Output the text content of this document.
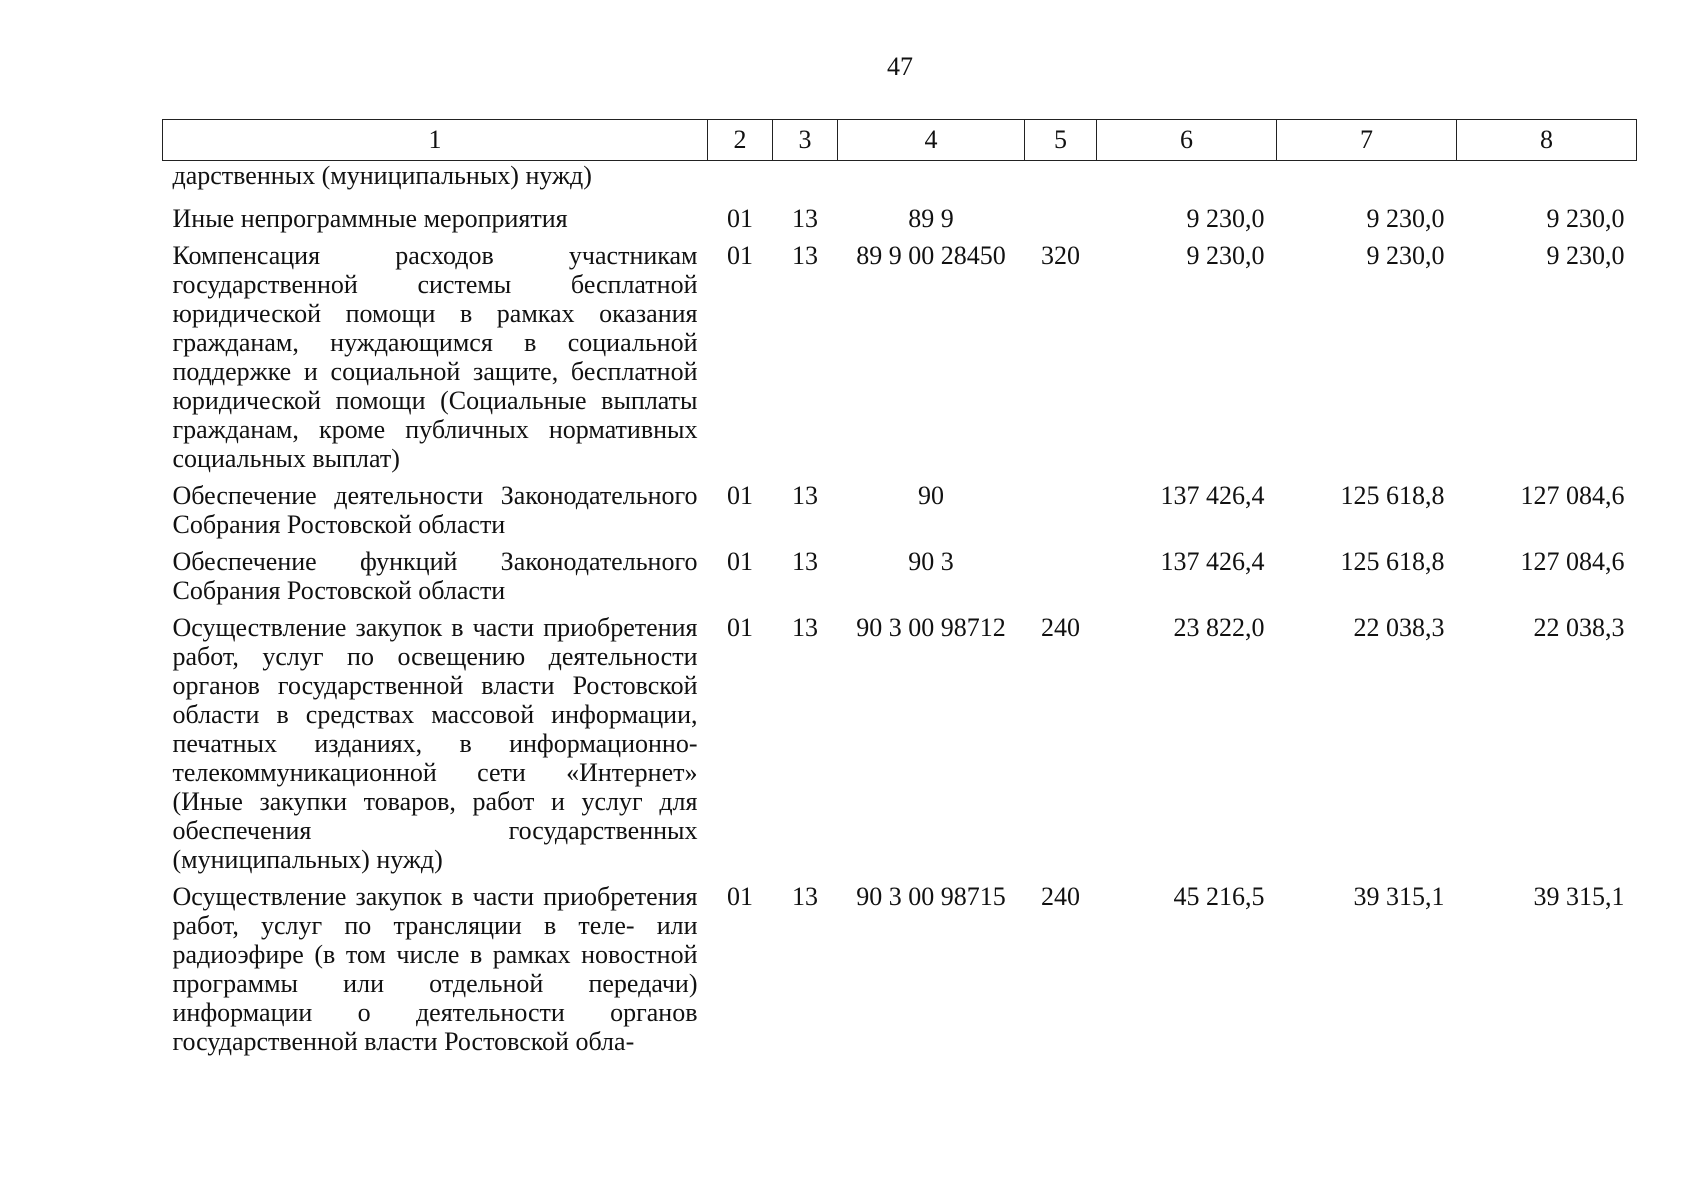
47
1	2	3	4	5	6	7	8
дарственных (муниципальных) нужд)							
Иные непрограммные мероприятия	01	13	89 9		9 230,0	9 230,0	9 230,0
Компенсация расходов участникам государственной системы бесплатной юридической помощи в рамках оказания гражданам, нуждающимся в социальной поддержке и социальной защите, бесплатной юридической помощи (Социальные выплаты гражданам, кроме публичных нормативных социальных выплат)	01	13	89 9 00 28450	320	9 230,0	9 230,0	9 230,0
Обеспечение деятельности Законодательного Собрания Ростовской области	01	13	90		137 426,4	125 618,8	127 084,6
Обеспечение функций Законодательного Собрания Ростовской области	01	13	90 3		137 426,4	125 618,8	127 084,6
Осуществление закупок в части приобретения работ, услуг по освещению деятельности органов государственной власти Ростовской области в средствах массовой информации, печатных изданиях, в информационно-телекоммуникационной сети «Интернет» (Иные закупки товаров, работ и услуг для обеспечения государственных (муниципальных) нужд)	01	13	90 3 00 98712	240	23 822,0	22 038,3	22 038,3
Осуществление закупок в части приобретения работ, услуг по трансляции в теле- или радиоэфире (в том числе в рамках новостной программы или отдельной передачи) информации о деятельности органов государственной власти Ростовской обла-	01	13	90 3 00 98715	240	45 216,5	39 315,1	39 315,1
